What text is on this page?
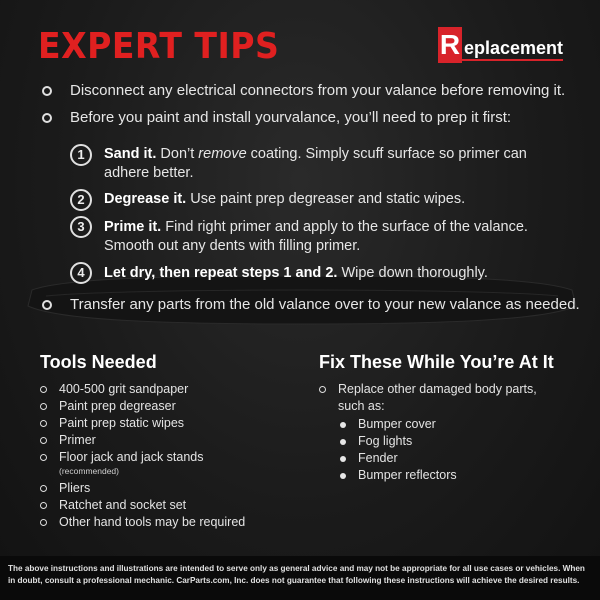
EXPERT TIPS	R eplacement
Disconnect any electrical connectors from your valance before removing it.
Before you paint and install yourvalance, you’ll need to prep it first:
1	Sand it. Don’t remove coating. Simply scuff surface so primer can adhere better.
2	Degrease it. Use paint prep degreaser and static wipes.
3	Prime it. Find right primer and apply to the surface of the valance. Smooth out any dents with filling primer.
4	Let dry, then repeat steps 1 and 2. Wipe down thoroughly.
Transfer any parts from the old valance over to your new valance as needed.
Tools Needed
400-500 grit sandpaper
Paint prep degreaser
Paint prep static wipes
Primer
Floor jack and jack stands
(recommended)
Pliers
Ratchet and socket set
Other hand tools may be required
Fix These While You’re At It
Replace other damaged body parts,
such as:
Bumper cover
Fog lights
Fender
Bumper reflectors
The above instructions and illustrations are intended to serve only as general advice and may not be appropriate for all use cases or vehicles. When in doubt, consult a professional mechanic. CarParts.com, Inc. does not guarantee that following these instructions will achieve the desired results.
